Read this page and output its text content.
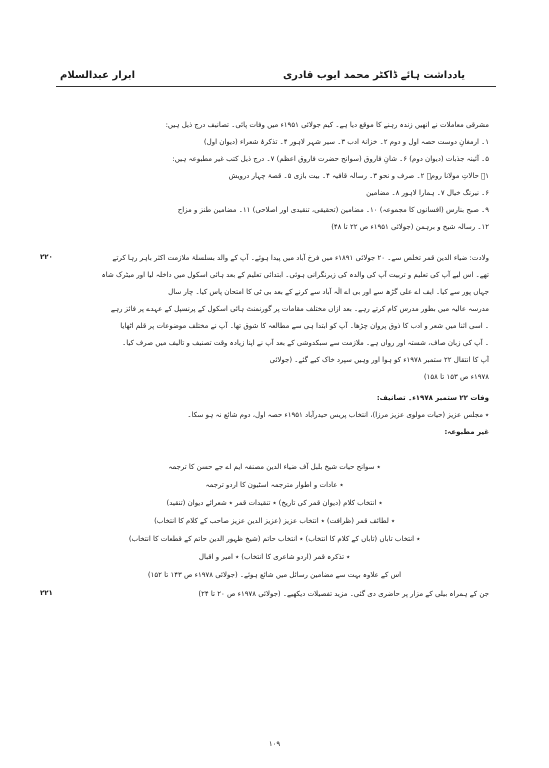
یادداشت ہائے ڈاکٹر محمد ایوب قادری
ابرار عبدالسلام
مشرقی معاملات نے انھیں زندہ رہنے کا موقع دیا ہے۔ کیم جولائی ۱۹۵۱ء میں وفات پائی۔ تصانیف درج ذیل ہیں:
۱۔ ارمغانِ دوست حصہ اول و دوم ۲۔ خزانۂ ادب ۳۔ سیر شہر لاہور ۴۔ تذکرۂ شعراء (دیوان اول)
۵۔ آئینہ جذبات (دیوان دوم) ۶۔ شانِ فاروق (سوانح حضرت فاروق اعظم) ۷۔ درج ذیل کتب غیر مطبوعہ ہیں:
۱۔ حالاتِ مولانا رومؒ ۲۔ صرف و نحو ۳۔ رسالہ قافیہ ۴۔ بیت بازی ۵۔ قصۂ چہار درویش
۶۔ نیرنگ خیال ۷۔ ہمارا لاہور ۸۔ مضامین
۹۔ صبح بنارس (افسانوں کا مجموعہ) ۱۰۔ مضامین (تحقیقی، تنقیدی اور اصلاحی) ۱۱۔ مضامین طنز و مزاح
۱۲۔ رسالہ شیخ و برہمن (جولائی ۱۹۵۱ء ص ۲۲ تا ۴۸)
۲۲۰	ولادت: ضیاء الدین قمر تخلص سے۔ ۲۰ جولائی ۱۸۹۱ء میں فرخ آباد میں پیدا ہوئے۔ آپ کے والد بسلسلۂ ملازمت اکثر باہر رہا کرتے
تھے۔ اس لیے آپ کی تعلیم و تربیت آپ کی والدہ کی زیرنگرانی ہوئی۔ ابتدائی تعلیم کے بعد ہائی اسکول میں داخلہ لیا اور میٹرک شاہ
جہاں پور سے کیا۔ ایف اے علی گڑھ سے اور بی اے الٰہ آباد سے کرنے کے بعد بی ٹی کا امتحان پاس کیا۔ چار سال
مدرسہ عالیہ میں بطور مدرس کام کرتے رہے۔ بعد ازاں مختلف مقامات پر گورنمنٹ ہائی اسکول کے پرنسپل کے عہدے پر فائز رہے
۔ اسی اثنا میں شعر و ادب کا ذوق پروان چڑھا۔ آپ کو ابتدا ہی سے مطالعہ کا شوق تھا۔ آپ نے مختلف موضوعات پر قلم اٹھایا
۔ آپ کی زبان صاف، شستہ اور رواں ہے۔ ملازمت سے سبکدوشی کے بعد آپ نے اپنا زیادہ وقت تصنیف و تالیف میں صرف کیا۔
آپ کا انتقال ۲۲ ستمبر ۱۹۷۸ء کو ہوا اور وہیں سپرد خاک کیے گئے۔ (جولائی
۱۹۷۸ء ص ۱۵۳ تا ۱۵۸)
وفات ۲۲ ستمبر ۱۹۷۸ء۔ تصانیف:
٭ مجلس عزیز (حیات مولوی عزیز مرزا)، انتخاب پریس حیدرآباد ۱۹۵۱ء حصہ اول، دوم شائع نہ ہو سکا۔
غیر مطبوعہ:
٭ سوانح حیات شیخ بلبل آف ضیاء الدین مصنفہ ایم اے جے حسن کا ترجمہ
٭ عادات و اطوار مترجمہ اسٹیون کا اردو ترجمہ
٭ انتخاب کلام (دیوان قمر کی تاریخ) ٭ تنقیدات قمر ٭ شعرائے دیوان (تنقید)
٭ لطائف قمر (ظرافت) ٭ انتخاب عزیز (عزیز الدین عزیز صاحب کے کلام کا انتخاب)
٭ انتخاب تاباں (تاباں کے کلام کا انتخاب) ٭ انتخاب حاتم (شیخ ظہور الدین حاتم کے قطعات کا انتخاب)
٭ تذکرہ قمر (اردو شاعری کا انتخاب) ٭ امیر و اقبال
اس کے علاوہ بہت سے مضامین رسائل میں شائع ہوئے۔ (جولائی ۱۹۷۸ء ص ۱۴۳ تا ۱۵۲)
۲۲۱	جن کے ہمراہ بیلی کے مزار پر حاضری دی گئی۔ مزید تفصیلات دیکھیے۔ (جولائی ۱۹۷۸ء ص ۲۰ تا ۲۴)
۱۰۹
